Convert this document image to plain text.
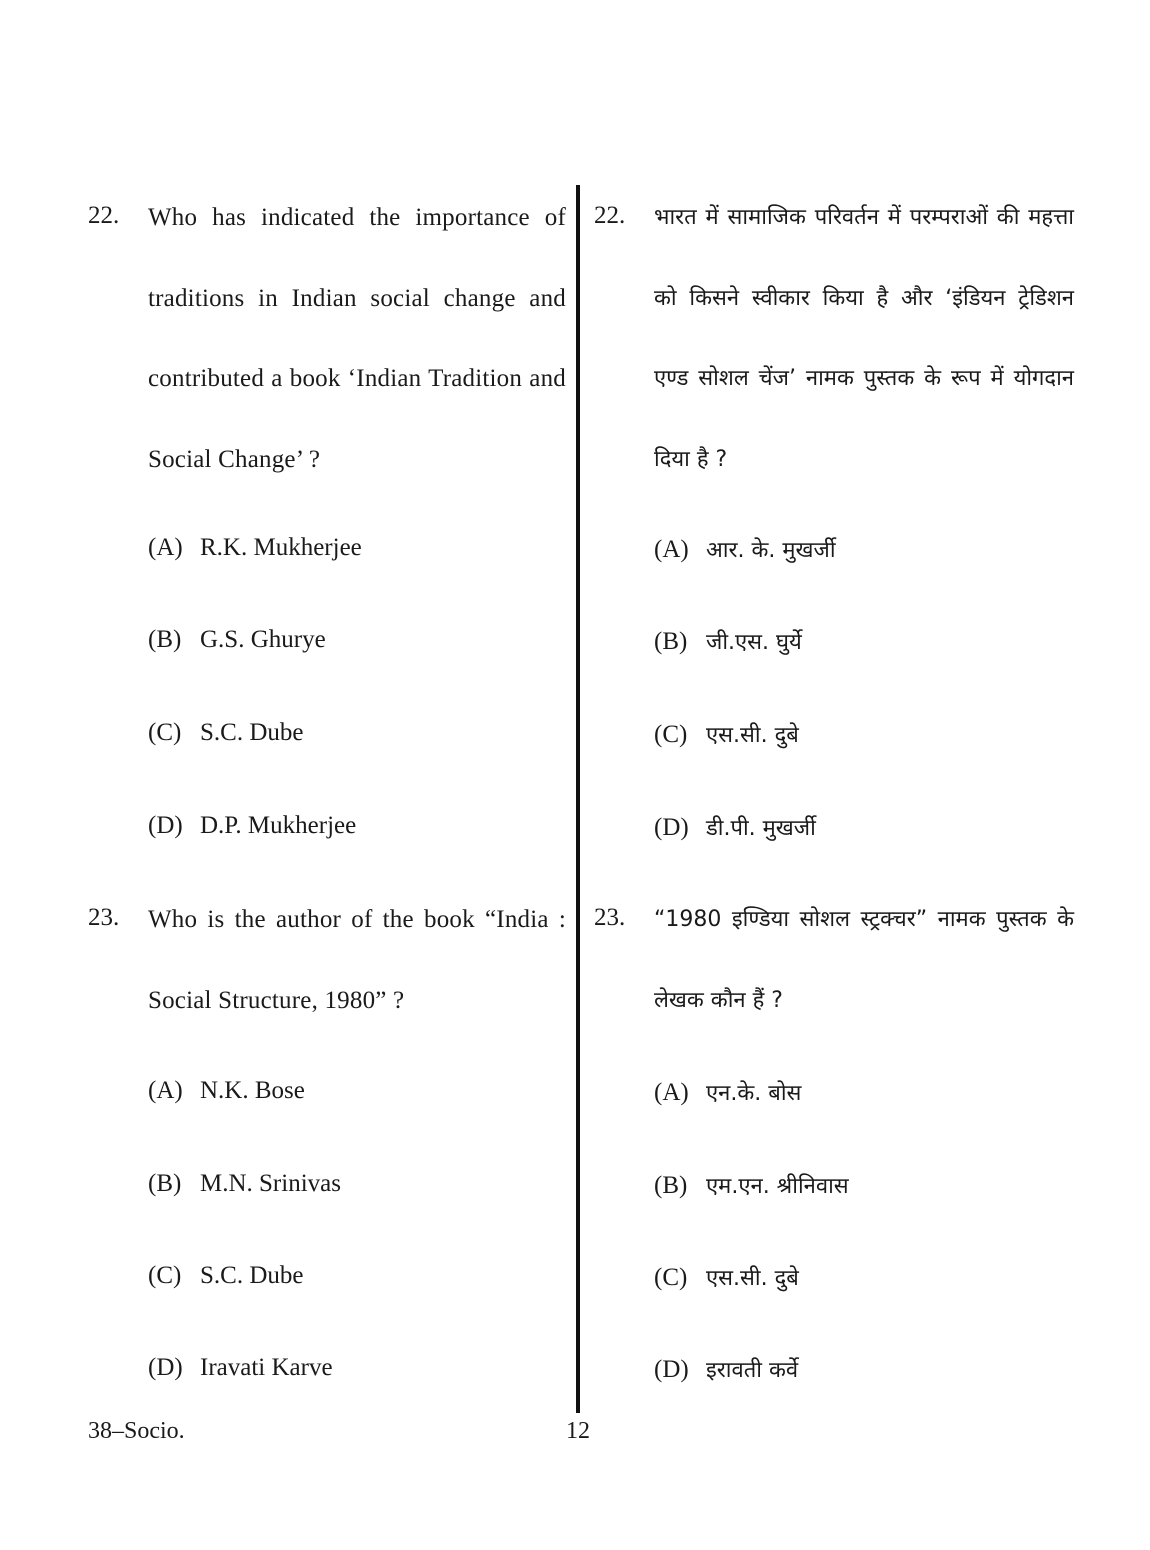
22. Who has indicated the importance of traditions in Indian social change and contributed a book ‘Indian Tradition and Social Change’ ?
(A) R.K. Mukherjee
(B) G.S. Ghurye
(C) S.C. Dube
(D) D.P. Mukherjee
23. Who is the author of the book “India : Social Structure, 1980” ?
(A) N.K. Bose
(B) M.N. Srinivas
(C) S.C. Dube
(D) Iravati Karve
22. भारत में सामाजिक परिवर्तन में परम्पराओं की महत्ता को किसने स्वीकार किया है और ‘इंडियन ट्रेडिशन एण्ड सोशल चेंज’ नामक पुस्तक के रूप में योगदान दिया है ?
(A) आर. के. मुखर्जी
(B) जी.एस. घुर्ये
(C) एस.सी. दुबे
(D) डी.पी. मुखर्जी
23. “1980 इण्डिया सोशल स्ट्रक्चर” नामक पुस्तक के लेखक कौन हैं ?
(A) एन.के. बोस
(B) एम.एन. श्रीनिवास
(C) एस.सी. दुबे
(D) इरावती कर्वे
38–Socio.	12
